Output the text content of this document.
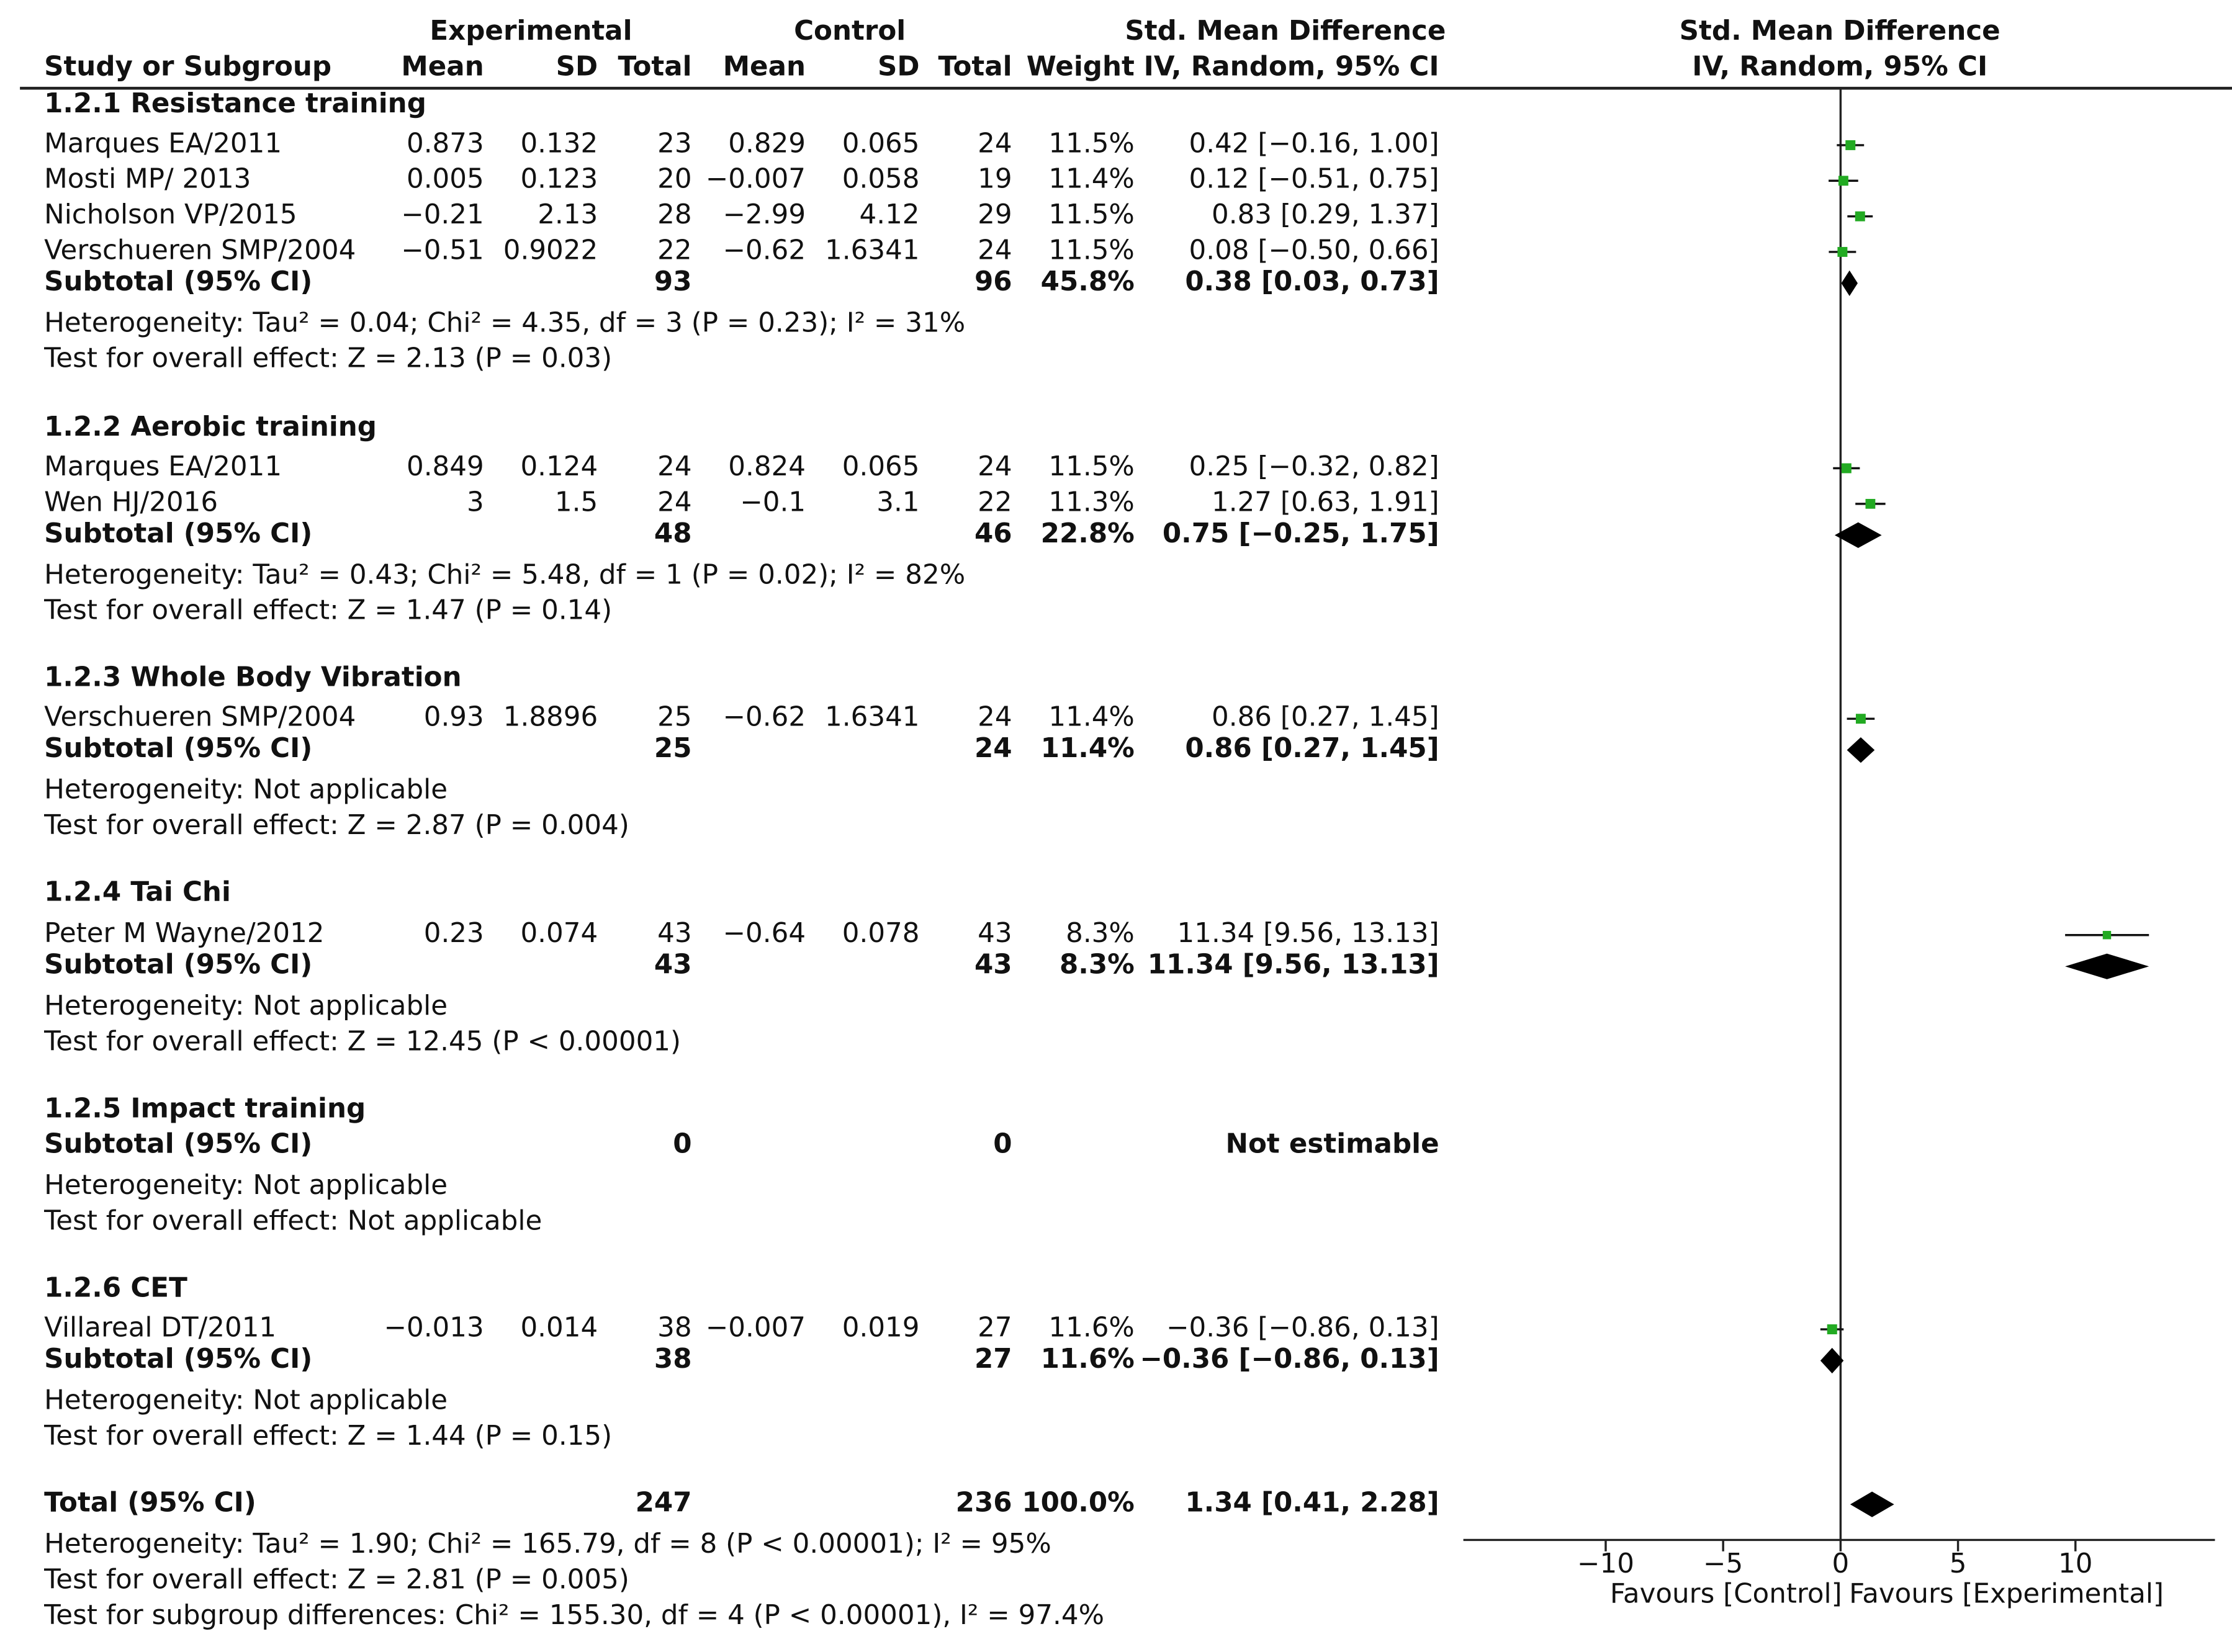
Experimental	Control	Std. Mean Difference	Std. Mean Difference
Study or Subgroup	Mean	SD	Total	Mean	SD	Total	Weight IV, Random, 95% CI	IV, Random, 95% CI
1.2.1 Resistance training
Marques EA/2011	0.873	0.132	23	0.829	0.065	24	11.5%	0.42 [−0.16, 1.00]
Mosti MP/ 2013	0.005	0.123	20	−0.007	0.058	19	11.4%	0.12 [−0.51, 0.75]
Nicholson VP/2015	−0.21	2.13	28	−2.99	4.12	29	11.5%	0.83 [0.29, 1.37]
Verschueren SMP/2004	−0.51	0.9022	22	−0.62	1.6341	24	11.5%	0.08 [−0.50, 0.66]
Subtotal (95% CI)	93	96	45.8%	0.38 [0.03, 0.73]
Heterogeneity: Tau² = 0.04; Chi² = 4.35, df = 3 (P = 0.23); I² = 31%
Test for overall effect: Z = 2.13 (P = 0.03)
1.2.2 Aerobic training
Marques EA/2011	0.849	0.124	24	0.824	0.065	24	11.5%	0.25 [−0.32, 0.82]
Wen HJ/2016	3	1.5	24	−0.1	3.1	22	11.3%	1.27 [0.63, 1.91]
Subtotal (95% CI)	48	46	22.8%	0.75 [−0.25, 1.75]
Heterogeneity: Tau² = 0.43; Chi² = 5.48, df = 1 (P = 0.02); I² = 82%
Test for overall effect: Z = 1.47 (P = 0.14)
1.2.3 Whole Body Vibration
Verschueren SMP/2004	0.93	1.8896	25	−0.62	1.6341	24	11.4%	0.86 [0.27, 1.45]
Subtotal (95% CI)	25	24	11.4%	0.86 [0.27, 1.45]
Heterogeneity: Not applicable
Test for overall effect: Z = 2.87 (P = 0.004)
1.2.4 Tai Chi
Peter M Wayne/2012	0.23	0.074	43	−0.64	0.078	43	8.3%	11.34 [9.56, 13.13]
Subtotal (95% CI)	43	43	8.3%	11.34 [9.56, 13.13]
Heterogeneity: Not applicable
Test for overall effect: Z = 12.45 (P < 0.00001)
1.2.5 Impact training
Subtotal (95% CI)	0	0	Not estimable
Heterogeneity: Not applicable
Test for overall effect: Not applicable
1.2.6 CET
Villareal DT/2011	−0.013	0.014	38	−0.007	0.019	27	11.6%	−0.36 [−0.86, 0.13]
Subtotal (95% CI)	38	27	11.6% −0.36 [−0.86, 0.13]
Heterogeneity: Not applicable
Test for overall effect: Z = 1.44 (P = 0.15)
Total (95% CI)	247	236 100.0%	1.34 [0.41, 2.28]
Heterogeneity: Tau² = 1.90; Chi² = 165.79, df = 8 (P < 0.00001); I² = 95%
Test for overall effect: Z = 2.81 (P = 0.005)
Test for subgroup differences: Chi² = 155.30, df = 4 (P < 0.00001), I² = 97.4%
−10	−5	0	5	10
Favours [Control] Favours [Experimental]
